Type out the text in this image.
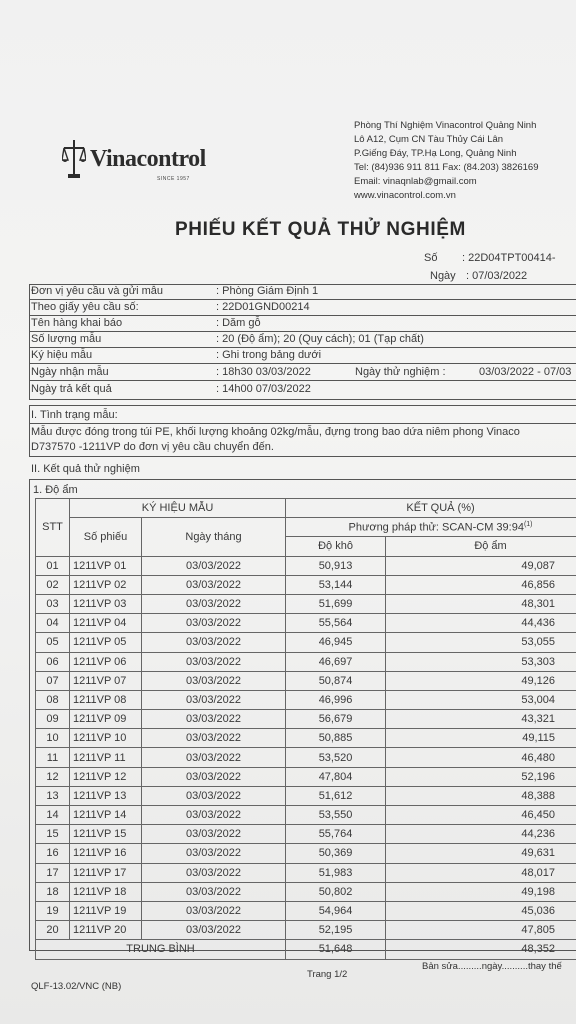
Vinacontrol
SINCE 1957
Phòng Thí Nghiệm Vinacontrol Quảng Ninh
Lô A12, Cụm CN Tàu Thủy Cái Lân
P.Giếng Đáy, TP.Hạ Long, Quảng Ninh
Tel: (84)936 911 811 Fax: (84.203) 3826169
Email: vinaqnlab@gmail.com
www.vinacontrol.com.vn
PHIẾU KẾT QUẢ THỬ NGHIỆM
Số : 22D04TPT00414-
Ngày : 07/03/2022
Đơn vị yêu cầu và gửi mẫu	: Phòng Giám Định 1
Theo giấy yêu cầu số:	: 22D01GND00214
Tên hàng khai báo	: Dăm gỗ
Số lượng mẫu	: 20 (Độ ẩm); 20 (Quy cách); 01 (Tạp chất)
Ký hiệu mẫu	: Ghi trong bảng dưới
Ngày nhận mẫu	: 18h30 03/03/2022	Ngày thử nghiệm :	03/03/2022 - 07/03
Ngày trả kết quả	: 14h00 07/03/2022
I. Tình trạng mẫu:
Mẫu được đóng trong túi PE, khối lượng khoảng 02kg/mẫu, đựng trong bao dứa niêm phong Vinaco
D737570 -1211VP do đơn vị yêu cầu chuyển đến.
II. Kết quả thử nghiệm
1. Độ ẩm
STT	KÝ HIỆU MẪU		KẾT QUẢ (%)	
	Số phiếu	Ngày tháng	Phương pháp thử: SCAN-CM 39:94$^{(1)}$
			Độ khô	Độ ẩm
01	1211VP 01	03/03/2022	50,913	49,087
02	1211VP 02	03/03/2022	53,144	46,856
03	1211VP 03	03/03/2022	51,699	48,301
04	1211VP 04	03/03/2022	55,564	44,436
05	1211VP 05	03/03/2022	46,945	53,055
06	1211VP 06	03/03/2022	46,697	53,303
07	1211VP 07	03/03/2022	50,874	49,126
08	1211VP 08	03/03/2022	46,996	53,004
09	1211VP 09	03/03/2022	56,679	43,321
10	1211VP 10	03/03/2022	50,885	49,115
11	1211VP 11	03/03/2022	53,520	46,480
12	1211VP 12	03/03/2022	47,804	52,196
13	1211VP 13	03/03/2022	51,612	48,388
14	1211VP 14	03/03/2022	53,550	46,450
15	1211VP 15	03/03/2022	55,764	44,236
16	1211VP 16	03/03/2022	50,369	49,631
17	1211VP 17	03/03/2022	51,983	48,017
18	1211VP 18	03/03/2022	50,802	49,198
19	1211VP 19	03/03/2022	54,964	45,036
20	1211VP 20	03/03/2022	52,195	47,805
TRUNG BÌNH			51,648	48,352
QLF-13.02/VNC (NB)
Trang 1/2
Bản sửa.........ngày..........thay thế
